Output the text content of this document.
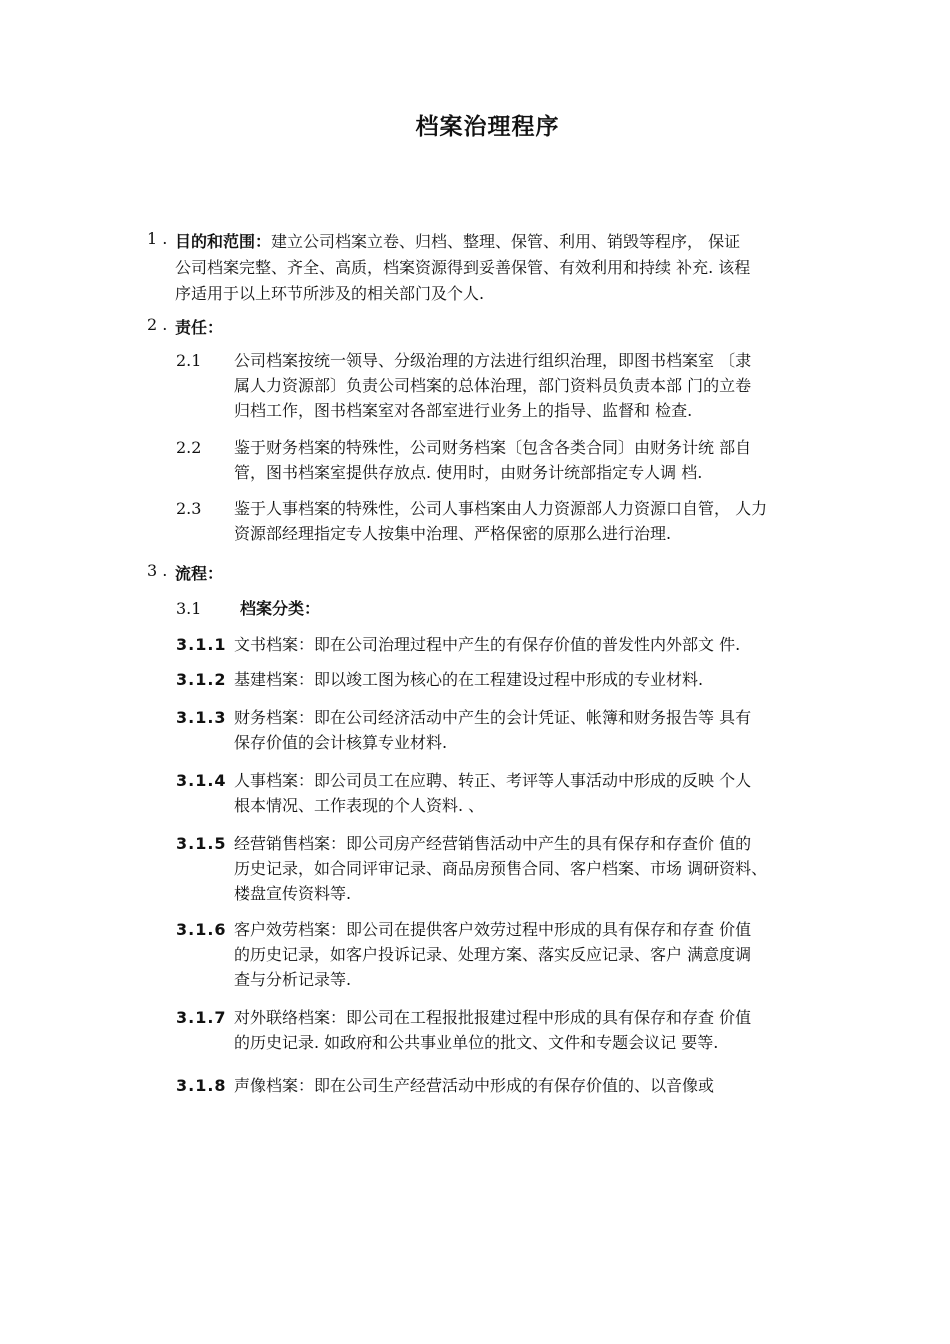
档案治理程序
1 . 目的和范围：建立公司档案立卷、归档、整理、保管、利用、销毁等程序， 保证
公司档案完整、齐全、高质，档案资源得到妥善保管、有效利用和持续 补充. 该程
序适用于以上环节所涉及的相关部门及个人.
2 . 责任：
2.1 公司档案按统一领导、分级治理的方法进行组织治理，即图书档案室 〔隶
属人力资源部〕负责公司档案的总体治理，部门资料员负责本部 门的立卷
归档工作，图书档案室对各部室进行业务上的指导、监督和 检查.
2.2 鉴于财务档案的特殊性，公司财务档案〔包含各类合同〕由财务计统 部自
管，图书档案室提供存放点. 使用时，由财务计统部指定专人调 档.
2.3 鉴于人事档案的特殊性，公司人事档案由人力资源部人力资源口自管， 人力
资源部经理指定专人按集中治理、严格保密的原那么进行治理.
3 . 流程：
3.1 档案分类：
3.1.1 文书档案：即在公司治理过程中产生的有保存价值的普发性内外部文 件.
3.1.2 基建档案：即以竣工图为核心的在工程建设过程中形成的专业材料.
3.1.3 财务档案：即在公司经济活动中产生的会计凭证、帐簿和财务报告等 具有
保存价值的会计核算专业材料.
3.1.4 人事档案：即公司员工在应聘、转正、考评等人事活动中形成的反映 个人
根本情况、工作表现的个人资料. 、
3.1.5 经营销售档案：即公司房产经营销售活动中产生的具有保存和存查价 值的
历史记录，如合同评审记录、商品房预售合同、客户档案、市场 调研资料、
楼盘宣传资料等.
3.1.6 客户效劳档案：即公司在提供客户效劳过程中形成的具有保存和存查 价值
的历史记录，如客户投诉记录、处理方案、落实反应记录、客户 满意度调
查与分析记录等.
3.1.7 对外联络档案：即公司在工程报批报建过程中形成的具有保存和存查 价值
的历史记录. 如政府和公共事业单位的批文、文件和专题会议记 要等.
3.1.8 声像档案：即在公司生产经营活动中形成的有保存价值的、以音像或
